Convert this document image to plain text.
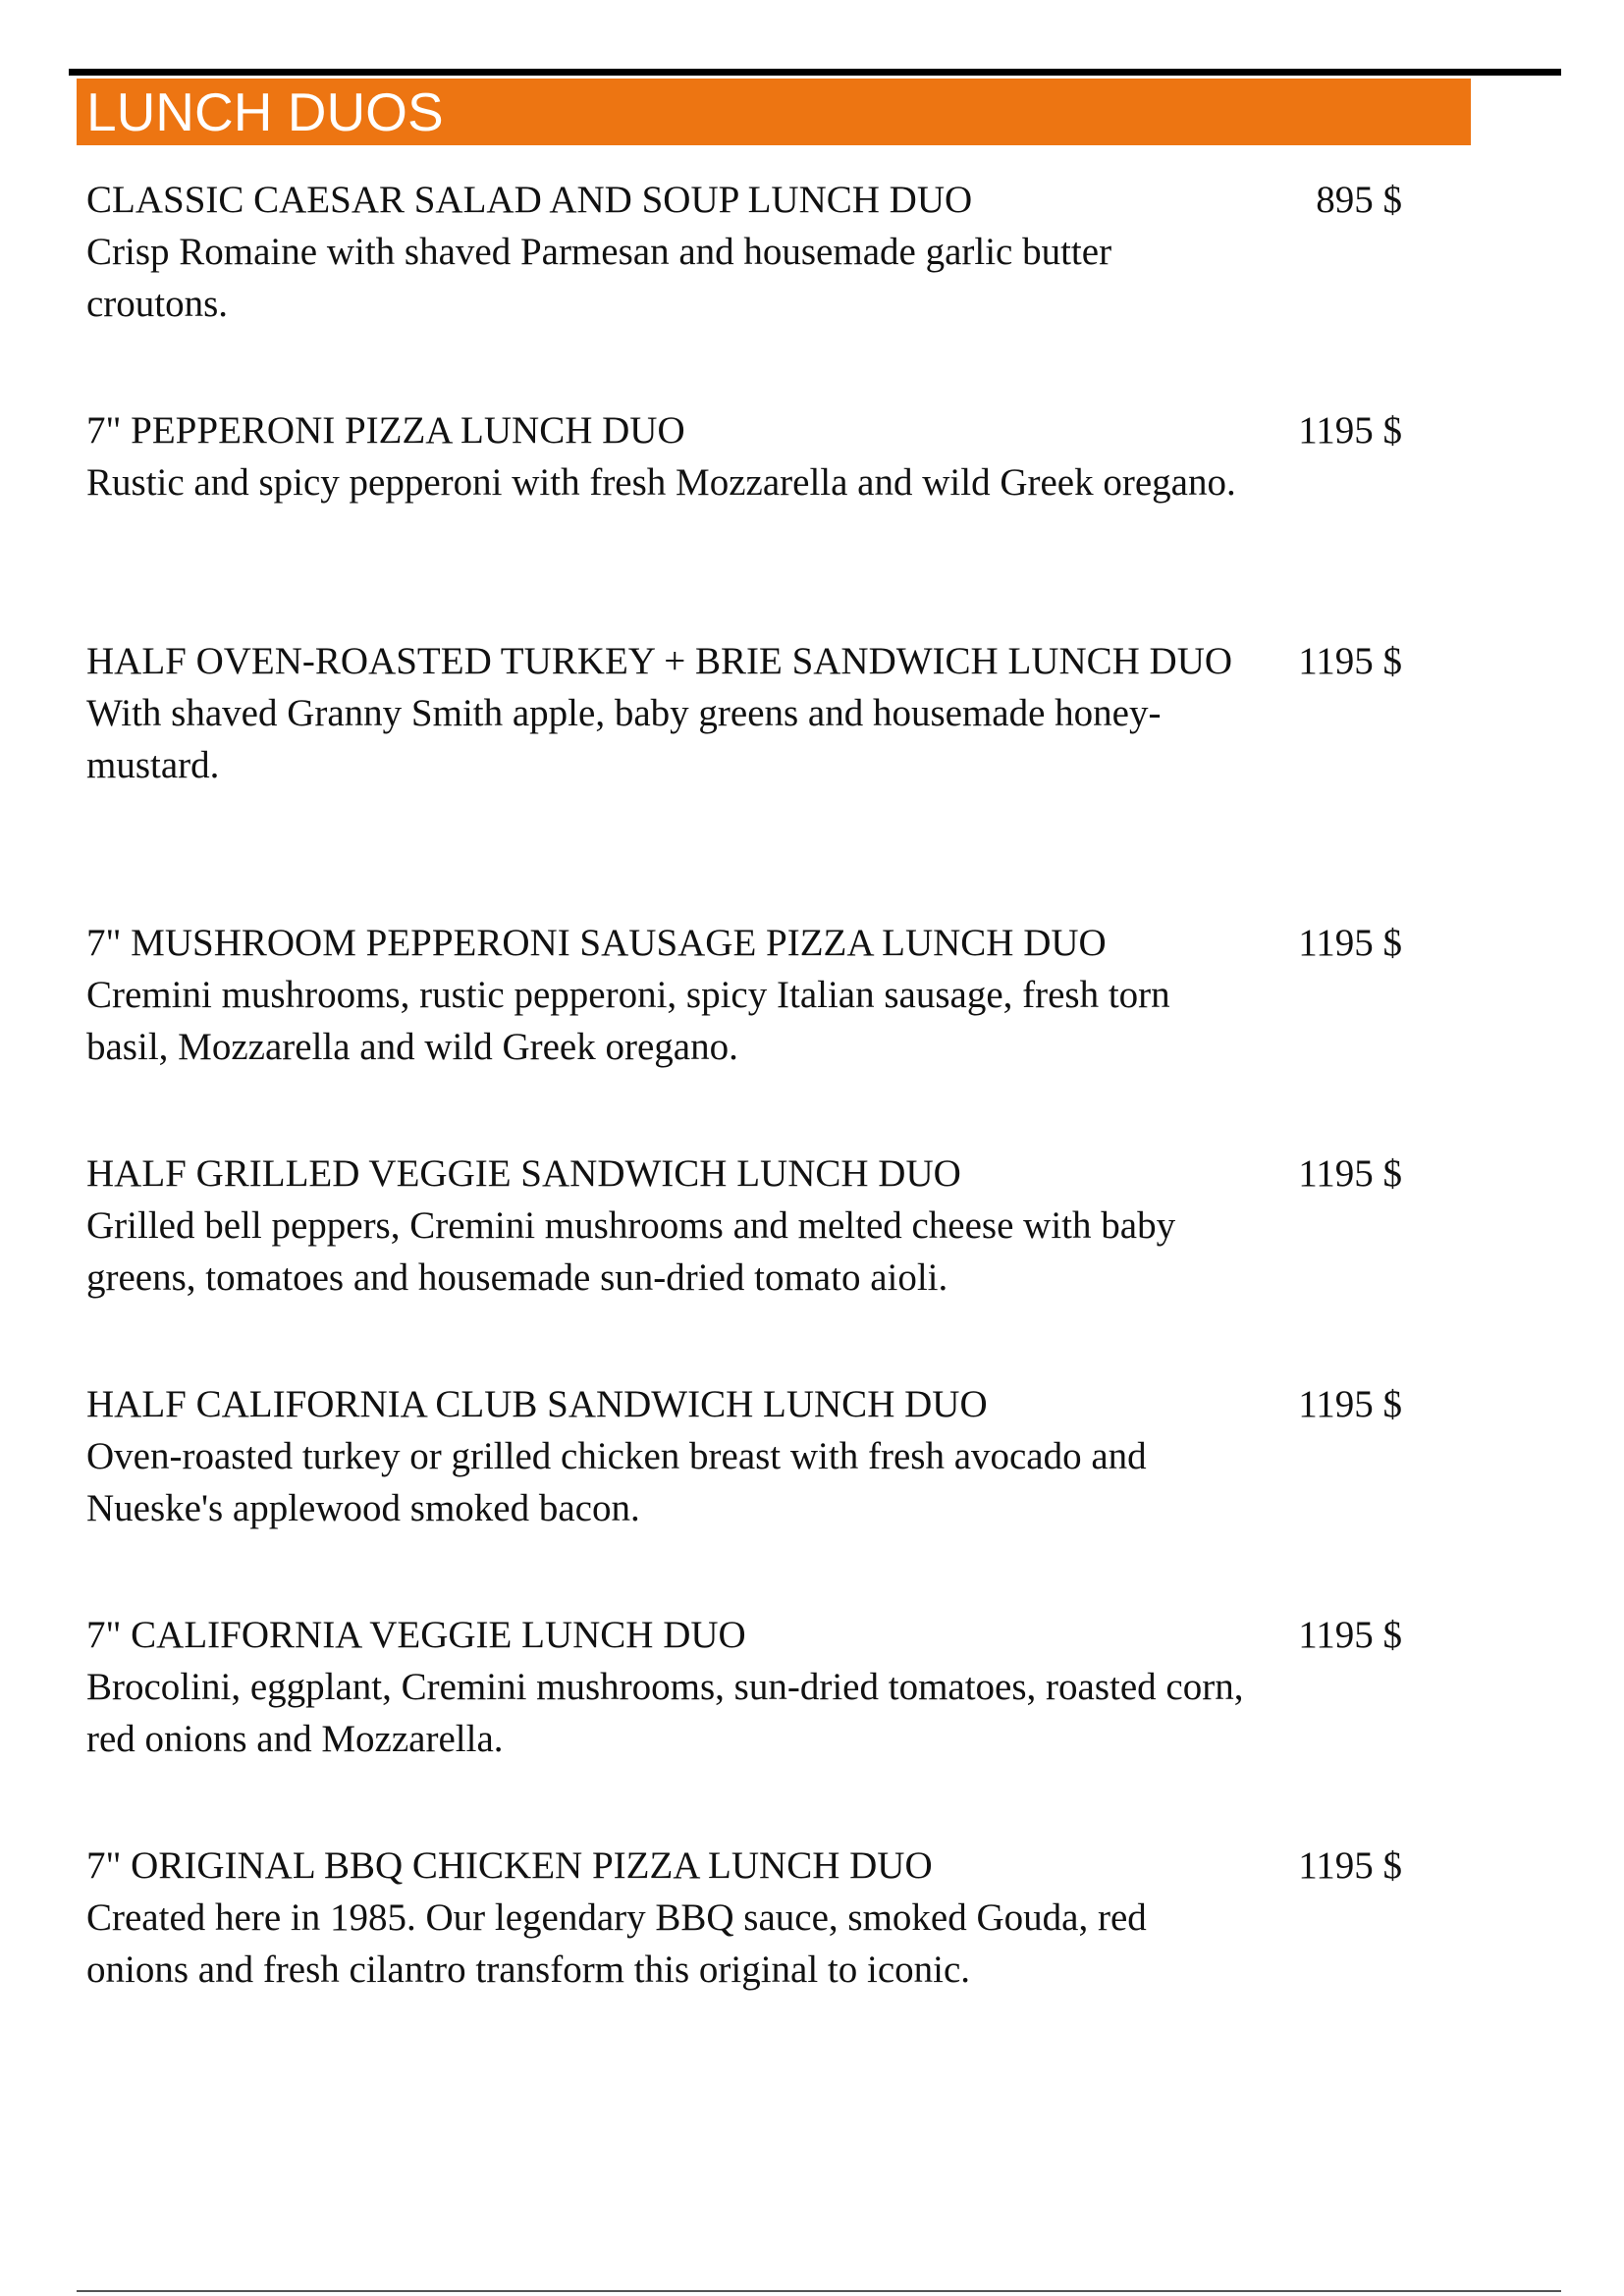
LUNCH DUOS
CLASSIC CAESAR SALAD AND SOUP LUNCH DUO	895 $
Crisp Romaine with shaved Parmesan and housemade garlic butter croutons.
7" PEPPERONI PIZZA LUNCH DUO	1195 $
Rustic and spicy pepperoni with fresh Mozzarella and wild Greek oregano.
HALF OVEN-ROASTED TURKEY + BRIE SANDWICH LUNCH DUO	1195 $
With shaved Granny Smith apple, baby greens and housemade honey-mustard.
7" MUSHROOM PEPPERONI SAUSAGE PIZZA LUNCH DUO	1195 $
Cremini mushrooms, rustic pepperoni, spicy Italian sausage, fresh torn basil, Mozzarella and wild Greek oregano.
HALF GRILLED VEGGIE SANDWICH LUNCH DUO	1195 $
Grilled bell peppers, Cremini mushrooms and melted cheese with baby greens, tomatoes and housemade sun-dried tomato aioli.
HALF CALIFORNIA CLUB SANDWICH LUNCH DUO	1195 $
Oven-roasted turkey or grilled chicken breast with fresh avocado and Nueske's applewood smoked bacon.
7" CALIFORNIA VEGGIE LUNCH DUO	1195 $
Brocolini, eggplant, Cremini mushrooms, sun-dried tomatoes, roasted corn, red onions and Mozzarella.
7" ORIGINAL BBQ CHICKEN PIZZA LUNCH DUO	1195 $
Created here in 1985. Our legendary BBQ sauce, smoked Gouda, red onions and fresh cilantro transform this original to iconic.
